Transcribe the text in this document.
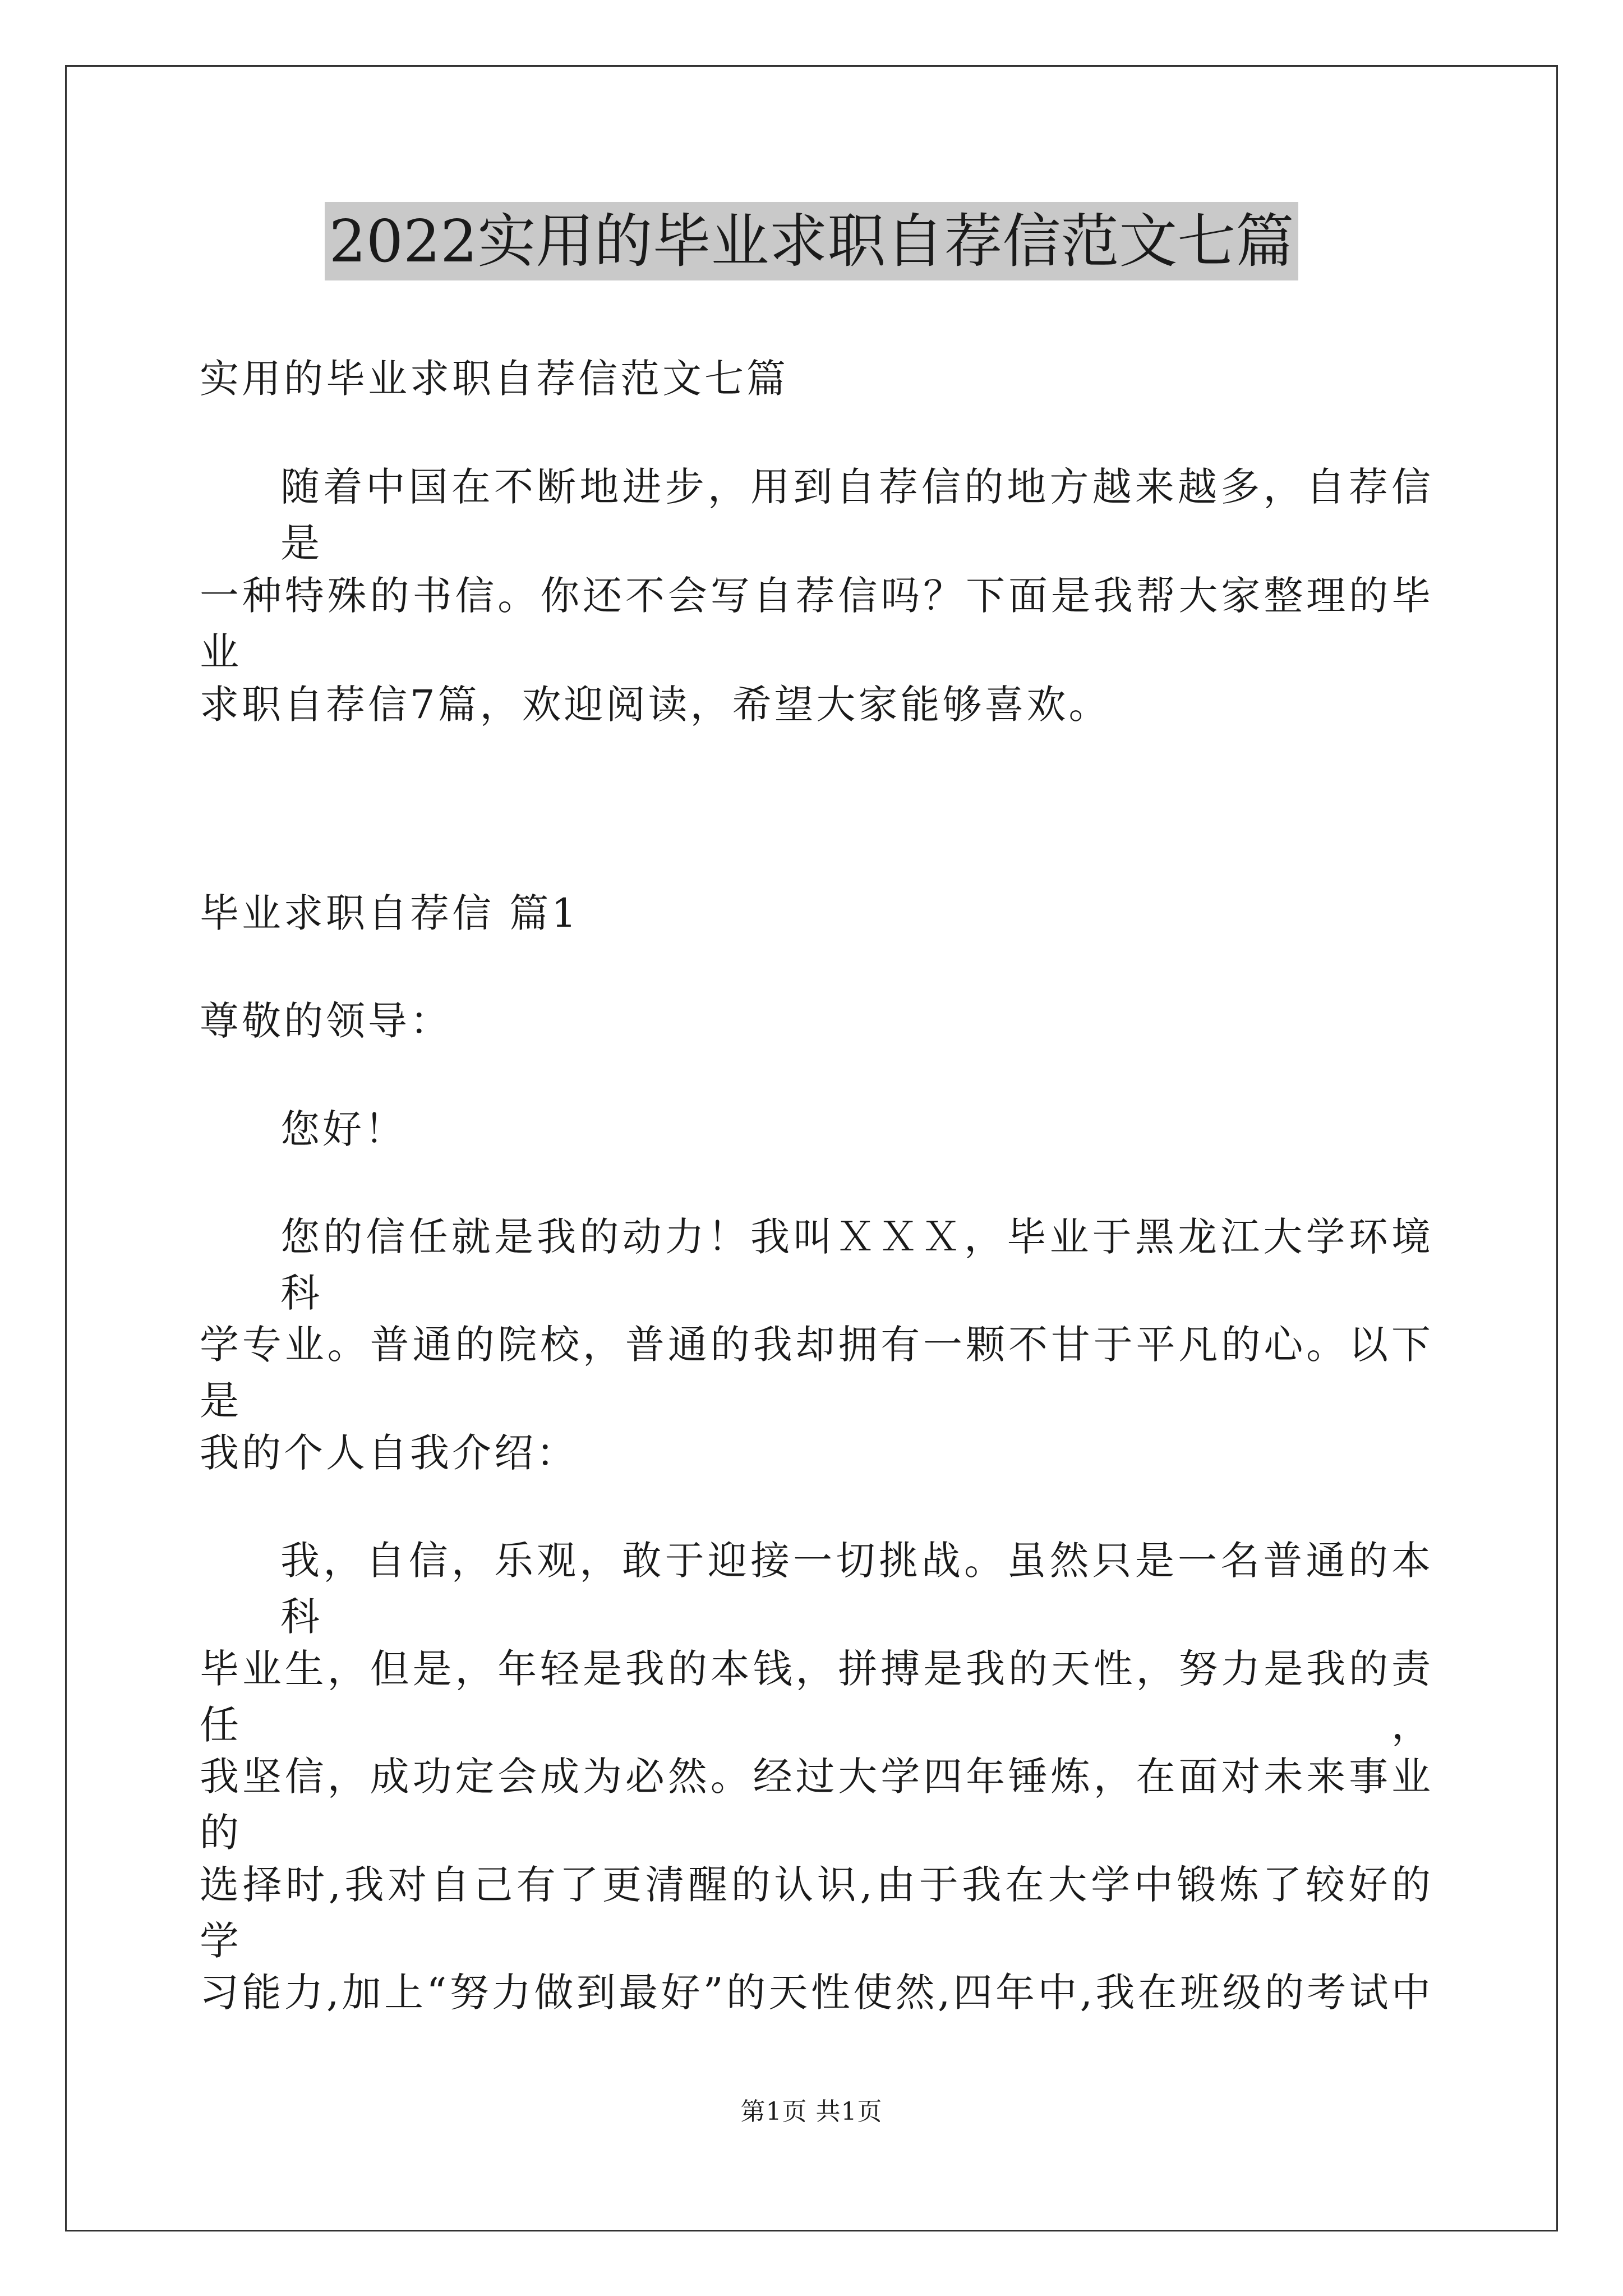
2022实用的毕业求职自荐信范文七篇
实用的毕业求职自荐信范文七篇
随着中国在不断地进步，用到自荐信的地方越来越多，自荐信是
一种特殊的书信。你还不会写自荐信吗？下面是我帮大家整理的毕业
求职自荐信7篇，欢迎阅读，希望大家能够喜欢。
毕业求职自荐信 篇1
尊敬的领导：
您好！
您的信任就是我的动力！我叫ＸＸＸ，毕业于黑龙江大学环境科
学专业。普通的院校，普通的我却拥有一颗不甘于平凡的心。以下是
我的个人自我介绍：
我，自信，乐观，敢于迎接一切挑战。虽然只是一名普通的本科
毕业生，但是，年轻是我的本钱，拼搏是我的天性，努力是我的责任，
我坚信，成功定会成为必然。经过大学四年锤炼，在面对未来事业的
选择时,我对自己有了更清醒的认识,由于我在大学中锻炼了较好的学
习能力,加上“努力做到最好”的天性使然,四年中,我在班级的考试中
第1页 共1页
